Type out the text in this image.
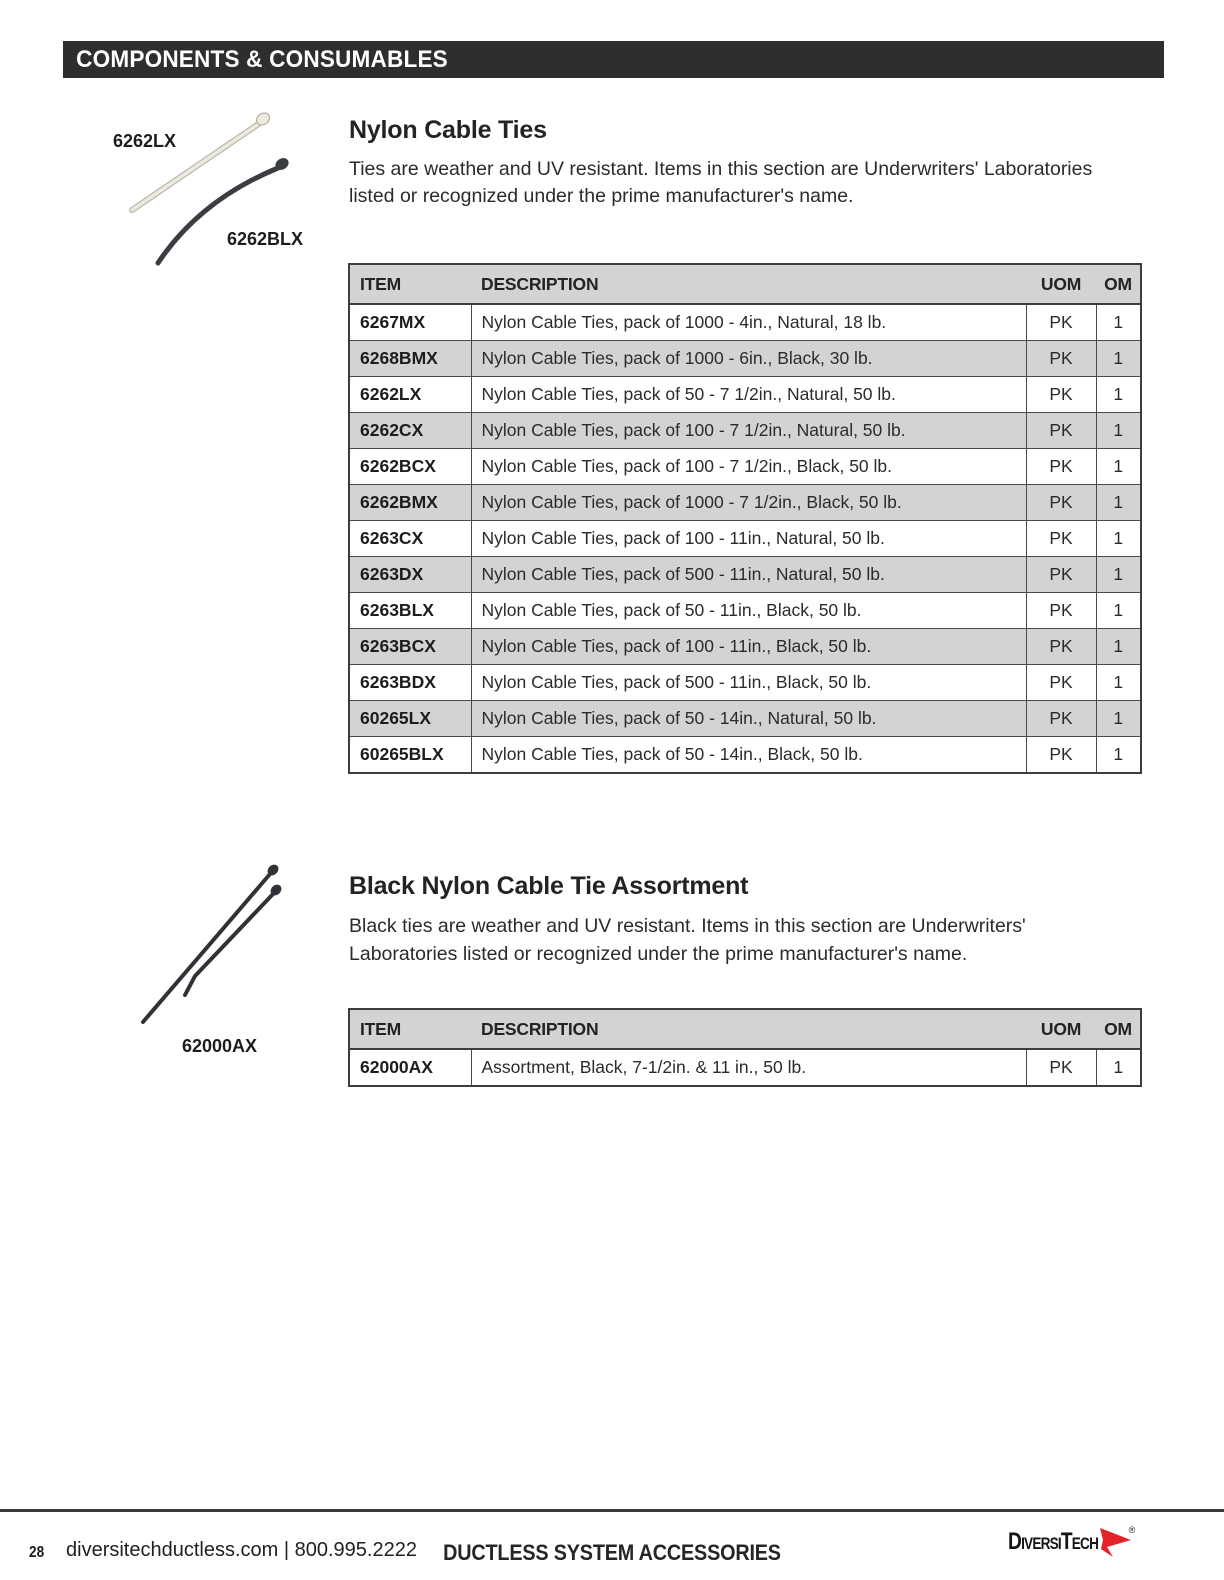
COMPONENTS & CONSUMABLES
6262LX
6262BLX
Nylon Cable Ties
Ties are weather and UV resistant. Items in this section are Underwriters' Laboratories listed or recognized under the prime manufacturer's name.
ITEM	DESCRIPTION	UOM	OM
6267MX	Nylon Cable Ties, pack of 1000 - 4in., Natural, 18 lb.	PK	1
6268BMX	Nylon Cable Ties, pack of 1000 - 6in., Black, 30 lb.	PK	1
6262LX	Nylon Cable Ties, pack of 50 - 7 1/2in., Natural, 50 lb.	PK	1
6262CX	Nylon Cable Ties, pack of 100 - 7 1/2in., Natural, 50 lb.	PK	1
6262BCX	Nylon Cable Ties, pack of 100 - 7 1/2in., Black, 50 lb.	PK	1
6262BMX	Nylon Cable Ties, pack of 1000 - 7 1/2in., Black, 50 lb.	PK	1
6263CX	Nylon Cable Ties, pack of 100 - 11in., Natural, 50 lb.	PK	1
6263DX	Nylon Cable Ties, pack of 500 - 11in., Natural, 50 lb.	PK	1
6263BLX	Nylon Cable Ties, pack of 50 - 11in., Black, 50 lb.	PK	1
6263BCX	Nylon Cable Ties, pack of 100 - 11in., Black, 50 lb.	PK	1
6263BDX	Nylon Cable Ties, pack of 500 - 11in., Black, 50 lb.	PK	1
60265LX	Nylon Cable Ties, pack of 50 - 14in., Natural, 50 lb.	PK	1
60265BLX	Nylon Cable Ties, pack of 50 - 14in., Black, 50 lb.	PK	1
62000AX
Black Nylon Cable Tie Assortment
Black ties are weather and UV resistant. Items in this section are Underwriters' Laboratories listed or recognized under the prime manufacturer's name.
ITEM	DESCRIPTION	UOM	OM
62000AX	Assortment, Black, 7-1/2in. & 11 in., 50 lb.	PK	1
28 diversitechductless.com | 800.995.2222 DUCTLESS SYSTEM ACCESSORIES	DiversiTech	®
